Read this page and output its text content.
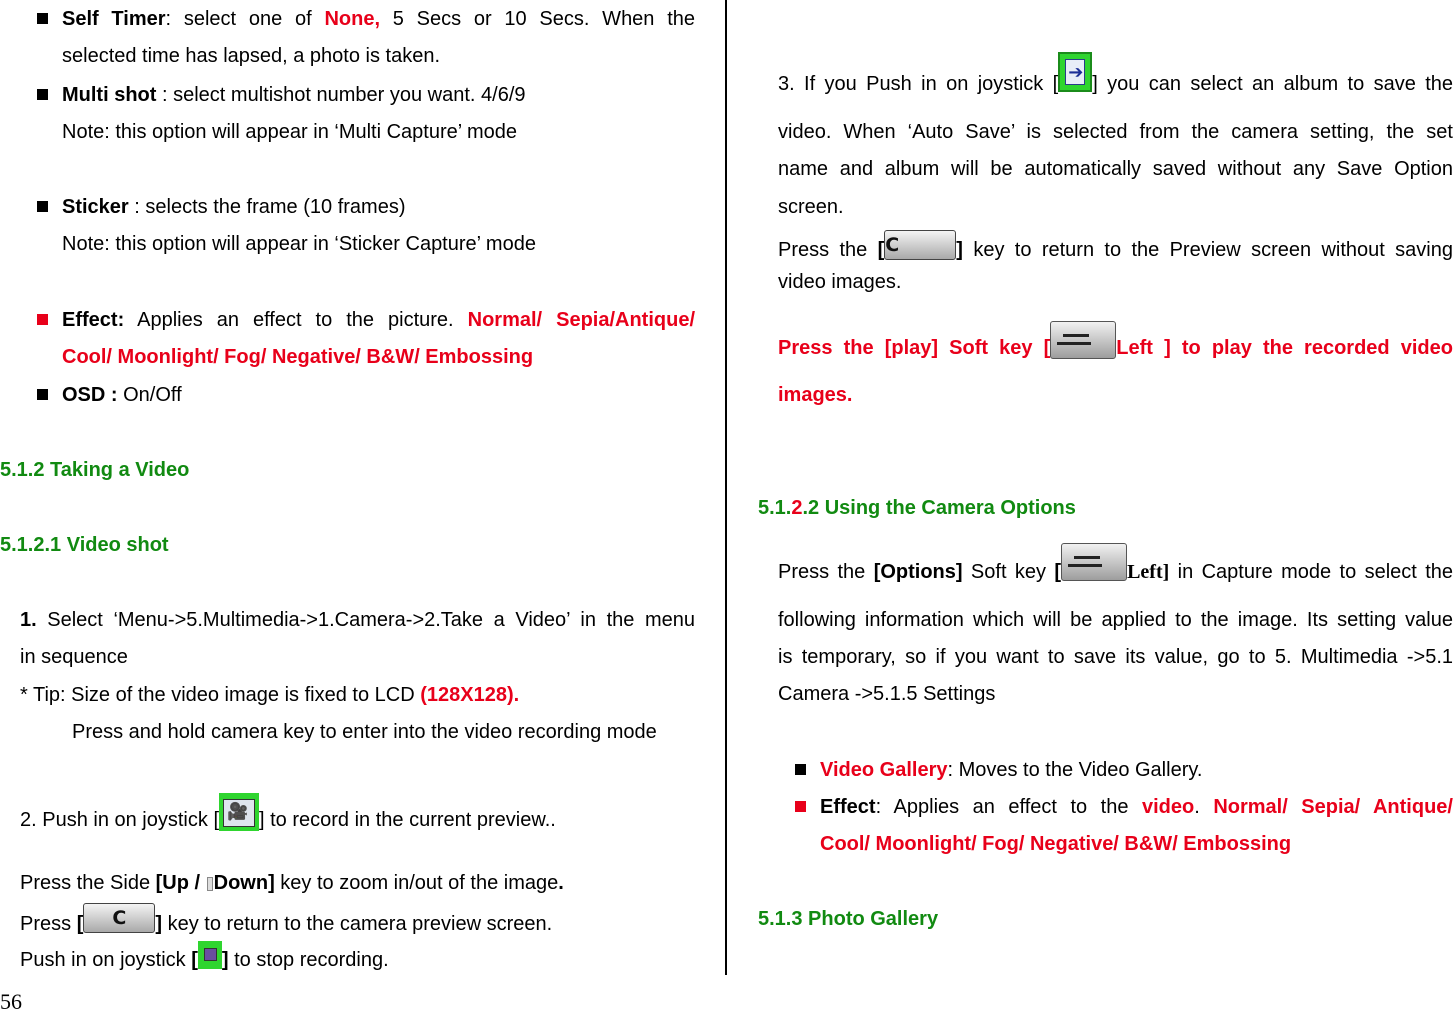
Self Timer: select one of None, 5 Secs or 10 Secs. When the
selected time has lapsed, a photo is taken.
Multi shot : select multishot number you want. 4/6/9
Note: this option will appear in ‘Multi Capture’ mode
Sticker : selects the frame (10 frames)
Note: this option will appear in ‘Sticker Capture’ mode
Effect: Applies an effect to the picture. Normal/ Sepia/Antique/
Cool/ Moonlight/ Fog/ Negative/ B&W/ Embossing
OSD : On/Off
5.1.2 Taking a Video
5.1.2.1 Video shot
1. Select ‘Menu->5.Multimedia->1.Camera->2.Take a Video’ in the menu
in sequence
* Tip: Size of the video image is fixed to LCD (128X128).
Press and hold camera key to enter into the video recording mode
2. Push in on joystick [ 🎥 ] to record in the current preview..
Press the Side [Up / Down] key to zoom in/out of the image.
Press [	C	] key to return to the camera preview screen.
Push in on joystick [ ] to stop recording.
3. If you Push in on joystick [ ➔ ] you can select an album to save the
video. When ‘Auto Save’ is selected from the camera setting, the set
name and album will be automatically saved without any Save Option
screen.
Press the [ C	] key to return to the Preview screen without saving
video images.
Press the [play] Soft key [	Left ] to play the recorded video
images.
5.1.2.2 Using the Camera Options
Press the [Options] Soft key [	Left] in Capture mode to select the
following information which will be applied to the image. Its setting value
is temporary, so if you want to save its value, go to 5. Multimedia ->5.1
Camera ->5.1.5 Settings
Video Gallery: Moves to the Video Gallery.
Effect: Applies an effect to the video. Normal/ Sepia/ Antique/
Cool/ Moonlight/ Fog/ Negative/ B&W/ Embossing
5.1.3 Photo Gallery
56
